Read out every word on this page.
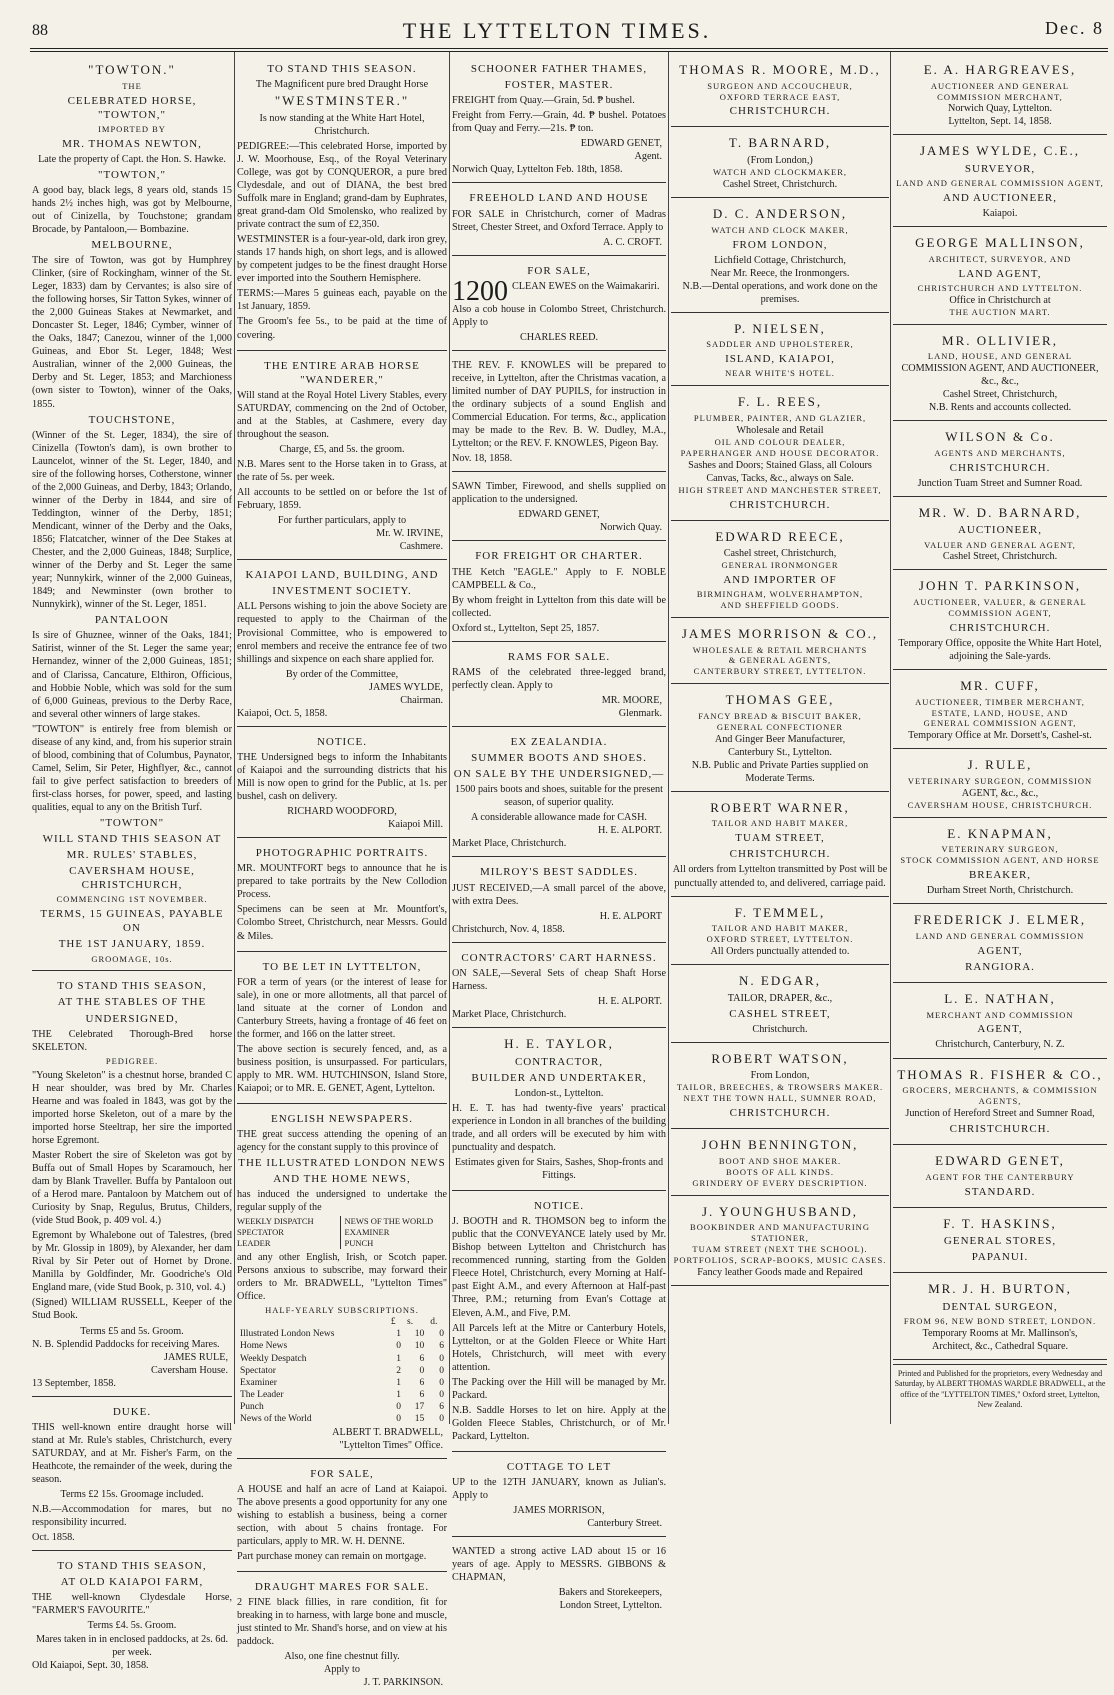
88	THE LYTTELTON TIMES.	Dec. 8
"TOWTON."
THE
CELEBRATED HORSE, "TOWTON,"
IMPORTED BY
MR. THOMAS NEWTON,
Late the property of Capt. the Hon. S. Hawke.
"TOWTON,"

A good bay, black legs, 8 years old, stands 15 hands 2½ inches high, was got by Melbourne, out of Cinizella, by Touchstone; grandam Brocade, by Pantaloon,— Bombazine.

MELBOURNE,

The sire of Towton, was got by Humphrey Clinker, (sire of Rockingham, winner of the St. Leger, 1833) dam by Cervantes; is also sire of the following horses, Sir Tatton Sykes, winner of the 2,000 Guineas Stakes at Newmarket, and Doncaster St. Leger, 1846; Cymber, winner of the Oaks, 1847; Canezou, winner of the 1,000 Guineas, and Ebor St. Leger, 1848; West Australian, winner of the 2,000 Guineas, the Derby and St. Leger, 1853; and Marchioness (own sister to Towton), winner of the Oaks, 1855.

TOUCHSTONE,

(Winner of the St. Leger, 1834), the sire of Cinizella (Towton's dam), is own brother to Launcelot, winner of the St. Leger, 1840, and sire of the following horses, Cotherstone, winner of the 2,000 Guineas, and Derby, 1843; Orlando, winner of the Derby in 1844, and sire of Teddington, winner of the Derby, 1851; Mendicant, winner of the Derby and the Oaks, 1856; Flatcatcher, winner of the Dee Stakes at Chester, and the 2,000 Guineas, 1848; Surplice, winner of the Derby and St. Leger the same year; Nunnykirk, winner of the 2,000 Guineas, 1849; and Newminster (own brother to Nunnykirk), winner of the St. Leger, 1851.

PANTALOON

Is sire of Ghuznee, winner of the Oaks, 1841; Satirist, winner of the St. Leger the same year; Hernandez, winner of the 2,000 Guineas, 1851; and of Clarissa, Cancature, Elthiron, Officious, and Hobbie Noble, which was sold for the sum of 6,000 Guineas, previous to the Derby Race, and several other winners of large stakes.

"TOWTON" is entirely free from blemish or disease of any kind, and, from his superior strain of blood, combining that of Columbus, Paynator, Camel, Selim, Sir Peter, Highflyer, &c., cannot fail to give perfect satisfaction to breeders of first-class horses, for power, speed, and lasting qualities, equal to any on the British Turf.

"TOWTON"
WILL STAND THIS SEASON AT
MR. RULES' STABLES,
CAVERSHAM HOUSE, CHRISTCHURCH,
COMMENCING 1ST NOVEMBER.
TERMS, 15 GUINEAS, PAYABLE ON
THE 1ST JANUARY, 1859.
GROOMAGE, 10s.
TO STAND THIS SEASON,
AT THE STABLES OF THE
UNDERSIGNED,

THE Celebrated Thorough-Bred horse SKELETON.

PEDIGREE.

"Young Skeleton" is a chestnut horse, branded C H near shoulder, was bred by Mr. Charles Hearne and was foaled in 1843, was got by the imported horse Skeleton, out of a mare by the imported horse Steeltrap, her sire the imported horse Egremont.

Master Robert the sire of Skeleton was got by Buffa out of Small Hopes by Scaramouch, her dam by Blank Traveller. Buffa by Pantaloon out of a Herod mare. Pantaloon by Matchem out of Curiosity by Snap, Regulus, Brutus, Childers, (vide Stud Book, p. 409 vol. 4.)

Egremont by Whalebone out of Talestres, (bred by Mr. Glossip in 1809), by Alexander, her dam Rival by Sir Peter out of Hornet by Drone. Manilla by Goldfinder, Mr. Goodriche's Old England mare, (vide Stud Book, p. 310, vol. 4.)

(Signed) WILLIAM RUSSELL, Keeper of the Stud Book.

Terms £5 and 5s. Groom.
N. B. Splendid Paddocks for receiving Mares.
JAMES RULE,
Caversham House.
13 September, 1858.
DUKE.

THIS well-known entire draught horse will stand at Mr. Rule's stables, Christchurch, every SATURDAY, and at Mr. Fisher's Farm, on the Heathcote, the remainder of the week, during the season.

Terms £2 15s. Groomage included.

N.B.—Accommodation for mares, but no responsibility incurred.

Oct. 1858.
TO STAND THIS SEASON,
AT OLD KAIAPOI FARM,

THE well-known Clydesdale Horse, "FARMER'S FAVOURITE."

Terms £4. 5s. Groom.
Mares taken in in enclosed paddocks, at 2s. 6d. per week.
Old Kaiapoi, Sept. 30, 1858.
TO STAND THIS SEASON.
The Magnificent pure bred Draught Horse
"WESTMINSTER."
Is now standing at the White Hart Hotel, Christchurch.

PEDIGREE:—This celebrated Horse, imported by J. W. Moorhouse, Esq., of the Royal Veterinary College, was got by CONQUEROR, a pure bred Clydesdale, and out of DIANA, the best bred Suffolk mare in England; grand-dam by Euphrates, great grand-dam Old Smolensko, who realized by private contract the sum of £2,350.

WESTMINSTER is a four-year-old, dark iron grey, stands 17 hands high, on short legs, and is allowed by competent judges to be the finest draught Horse ever imported into the Southern Hemisphere.

TERMS:—Mares 5 guineas each, payable on the 1st January, 1859.

The Groom's fee 5s., to be paid at the time of covering.

THE ENTIRE ARAB HORSE "WANDERER,"

Will stand at the Royal Hotel Livery Stables, every SATURDAY, commencing on the 2nd of October, and at the Stables, at Cashmere, every day throughout the season.

Charge, £5, and 5s. the groom.

N.B. Mares sent to the Horse taken in to Grass, at the rate of 5s. per week.

All accounts to be settled on or before the 1st of February, 1859.

For further particulars, apply to
Mr. W. IRVINE,
Cashmere.
KAIAPOI LAND, BUILDING, AND
INVESTMENT SOCIETY.

ALL Persons wishing to join the above Society are requested to apply to the Chairman of the Provisional Committee, who is empowered to enrol members and receive the entrance fee of two shillings and sixpence on each share applied for.

By order of the Committee,
JAMES WYLDE,
Chairman.
Kaiapoi, Oct. 5, 1858.
NOTICE.

THE Undersigned begs to inform the Inhabitants of Kaiapoi and the surrounding districts that his Mill is now open to grind for the Public, at 1s. per bushel, cash on delivery.

RICHARD WOODFORD,
Kaiapoi Mill.
PHOTOGRAPHIC PORTRAITS.

MR. MOUNTFORT begs to announce that he is prepared to take portraits by the New Collodion Process.

Specimens can be seen at Mr. Mountfort's, Colombo Street, Christchurch, near Messrs. Gould & Miles.

TO BE LET IN LYTTELTON,

FOR a term of years (or the interest of lease for sale), in one or more allotments, all that parcel of land situate at the corner of London and Canterbury Streets, having a frontage of 46 feet on the former, and 166 on the latter street.

The above section is securely fenced, and, as a business position, is unsurpassed. For particulars, apply to MR. WM. HUTCHINSON, Island Store, Kaiapoi; or to MR. E. GENET, Agent, Lyttelton.

ENGLISH NEWSPAPERS.

THE great success attending the opening of an agency for the constant supply to this province of

THE ILLUSTRATED LONDON NEWS
AND THE HOME NEWS,

has induced the undersigned to undertake the regular supply of the

WEEKLY DISPATCH
SPECTATOR
LEADER
NEWS OF THE WORLD
EXAMINER
PUNCH

and any other English, Irish, or Scotch paper. Persons anxious to subscribe, may forward their orders to Mr. BRADWELL, "Lyttelton Times" Office.

HALF-YEARLY SUBSCRIPTIONS.
	£	s.	d.
Illustrated London News	1	10	0
Home News	0	10	6
Weekly Despatch	1	6	0
Spectator	2	0	0
Examiner	1	6	0
The Leader	1	6	0
Punch	0	17	6
News of the World	0	15	0
ALBERT T. BRADWELL,
"Lyttelton Times" Office.
FOR SALE,

A HOUSE and half an acre of Land at Kaiapoi. The above presents a good opportunity for any one wishing to establish a business, being a corner section, with about 5 chains frontage. For particulars, apply to MR. W. H. DENNE.

Part purchase money can remain on mortgage.

DRAUGHT MARES FOR SALE.

2 FINE black fillies, in rare condition, fit for breaking in to harness, with large bone and muscle, just stinted to Mr. Shand's horse, and on view at his paddock.

Also, one fine chestnut filly.
Apply to
J. T. PARKINSON.
SCHOONER FATHER THAMES,
FOSTER, MASTER.

FREIGHT from Quay.—Grain, 5d. ₱ bushel.

Freight from Ferry.—Grain, 4d. ₱ bushel. Potatoes from Quay and Ferry.—21s. ₱ ton.

EDWARD GENET,
Agent.
Norwich Quay, Lyttelton Feb. 18th, 1858.
FREEHOLD LAND AND HOUSE

FOR SALE in Christchurch, corner of Madras Street, Chester Street, and Oxford Terrace. Apply to

A. C. CROFT.
FOR SALE,

1200 CLEAN EWES on the Waimakariri.

Also a cob house in Colombo Street, Christchurch. Apply to

CHARLES REED.

THE REV. F. KNOWLES will be prepared to receive, in Lyttelton, after the Christmas vacation, a limited number of DAY PUPILS, for instruction in the ordinary subjects of a sound English and Commercial Education. For terms, &c., application may be made to the Rev. B. W. Dudley, M.A., Lyttelton; or the REV. F. KNOWLES, Pigeon Bay.

Nov. 18, 1858.

SAWN Timber, Firewood, and shells supplied on application to the undersigned.

EDWARD GENET,
Norwich Quay.
FOR FREIGHT OR CHARTER.

THE Ketch "EAGLE." Apply to F. NOBLE CAMPBELL & Co.,

By whom freight in Lyttelton from this date will be collected.

Oxford st., Lyttelton, Sept 25, 1857.
RAMS FOR SALE.

RAMS of the celebrated three-legged brand, perfectly clean. Apply to

MR. MOORE,
Glenmark.
EX ZEALANDIA.
SUMMER BOOTS AND SHOES.

ON SALE BY THE UNDERSIGNED,—

1500 pairs boots and shoes, suitable for the present season, of superior quality.

A considerable allowance made for CASH.
H. E. ALPORT.
Market Place, Christchurch.
MILROY'S BEST SADDLES.

JUST RECEIVED,—A small parcel of the above, with extra Dees.

H. E. ALPORT
Christchurch, Nov. 4, 1858.
CONTRACTORS' CART HARNESS.

ON SALE,—Several Sets of cheap Shaft Horse Harness.

H. E. ALPORT.
Market Place, Christchurch.
H. E. TAYLOR,
CONTRACTOR,
BUILDER AND UNDERTAKER,
London-st., Lyttelton.

H. E. T. has had twenty-five years' practical experience in London in all branches of the building trade, and all orders will be executed by him with punctuality and despatch.

Estimates given for Stairs, Sashes, Shop-fronts and Fittings.

NOTICE.

J. BOOTH and R. THOMSON beg to inform the public that the CONVEYANCE lately used by Mr. Bishop between Lyttelton and Christchurch has recommenced running, starting from the Golden Fleece Hotel, Christchurch, every Morning at Half-past Eight A.M., and every Afternoon at Half-past Three, P.M.; returning from Evan's Cottage at Eleven, A.M., and Five, P.M.

All Parcels left at the Mitre or Canterbury Hotels, Lyttelton, or at the Golden Fleece or White Hart Hotels, Christchurch, will meet with every attention.

The Packing over the Hill will be managed by Mr. Packard.

N.B. Saddle Horses to let on hire. Apply at the Golden Fleece Stables, Christchurch, or of Mr. Packard, Lyttelton.

COTTAGE TO LET

UP to the 12TH JANUARY, known as Julian's. Apply to

JAMES MORRISON,
Canterbury Street.

WANTED a strong active LAD about 15 or 16 years of age. Apply to MESSRS. GIBBONS & CHAPMAN,

Bakers and Storekeepers,
London Street, Lyttelton.
THOMAS R. MOORE, M.D.,
SURGEON AND ACCOUCHEUR,
OXFORD TERRACE EAST,
CHRISTCHURCH.
T. BARNARD,
(From London,)
WATCH AND CLOCKMAKER,
Cashel Street, Christchurch.
D. C. ANDERSON,
WATCH AND CLOCK MAKER,
FROM LONDON,
Lichfield Cottage, Christchurch,
Near Mr. Reece, the Ironmongers.
N.B.—Dental operations, and work done on the premises.
P. NIELSEN,
SADDLER AND UPHOLSTERER,
ISLAND, KAIAPOI,
NEAR WHITE'S HOTEL.
F. L. REES,
PLUMBER, PAINTER, AND GLAZIER,
Wholesale and Retail
OIL AND COLOUR DEALER,
PAPERHANGER AND HOUSE DECORATOR.
Sashes and Doors; Stained Glass, all Colours Canvas, Tacks, &c., always on Sale.
HIGH STREET AND MANCHESTER STREET,
CHRISTCHURCH.
EDWARD REECE,
Cashel street, Christchurch,
GENERAL IRONMONGER
AND IMPORTER OF
BIRMINGHAM, WOLVERHAMPTON,
AND SHEFFIELD GOODS.
JAMES MORRISON & CO.,
WHOLESALE & RETAIL MERCHANTS
& GENERAL AGENTS,
CANTERBURY STREET, LYTTELTON.
THOMAS GEE,
FANCY BREAD & BISCUIT BAKER,
GENERAL CONFECTIONER
And Ginger Beer Manufacturer,
Canterbury St., Lyttelton.
N.B. Public and Private Parties supplied on Moderate Terms.
ROBERT WARNER,
TAILOR AND HABIT MAKER,
TUAM STREET,
CHRISTCHURCH.
All orders from Lyttelton transmitted by Post will be punctually attended to, and delivered, carriage paid.
F. TEMMEL,
TAILOR AND HABIT MAKER,
OXFORD STREET, LYTTELTON.
All Orders punctually attended to.
N. EDGAR,
TAILOR, DRAPER, &c.,
CASHEL STREET,
Christchurch.
ROBERT WATSON,
From London,
TAILOR, BREECHES, & TROWSERS MAKER.
NEXT THE TOWN HALL, SUMNER ROAD,
CHRISTCHURCH.
JOHN BENNINGTON,
BOOT AND SHOE MAKER.
BOOTS OF ALL KINDS.
GRINDERY OF EVERY DESCRIPTION.
J. YOUNGHUSBAND,
BOOKBINDER AND MANUFACTURING STATIONER,
TUAM STREET (NEXT THE SCHOOL).
PORTFOLIOS, SCRAP-BOOKS, MUSIC CASES.
Fancy leather Goods made and Repaired
E. A. HARGREAVES,
AUCTIONEER AND GENERAL
COMMISSION MERCHANT,
Norwich Quay, Lyttelton.
Lyttelton, Sept. 14, 1858.
JAMES WYLDE, C.E.,
SURVEYOR,
LAND AND GENERAL COMMISSION AGENT,
AND AUCTIONEER,
Kaiapoi.
GEORGE MALLINSON,
ARCHITECT, SURVEYOR, AND
LAND AGENT,
CHRISTCHURCH AND LYTTELTON.
Office in Christchurch at
THE AUCTION MART.
MR. OLLIVIER,
LAND, HOUSE, AND GENERAL
COMMISSION AGENT, AND AUCTIONEER, &c., &c.,
Cashel Street, Christchurch,
N.B. Rents and accounts collected.
WILSON & Co.
AGENTS AND MERCHANTS,
CHRISTCHURCH.
Junction Tuam Street and Sumner Road.
MR. W. D. BARNARD,
AUCTIONEER,
VALUER AND GENERAL AGENT,
Cashel Street, Christchurch.
JOHN T. PARKINSON,
AUCTIONEER, VALUER, & GENERAL
COMMISSION AGENT,
CHRISTCHURCH.
Temporary Office, opposite the White Hart Hotel, adjoining the Sale-yards.
MR. CUFF,
AUCTIONEER, TIMBER MERCHANT,
ESTATE, LAND, HOUSE, AND
GENERAL COMMISSION AGENT,
Temporary Office at Mr. Dorsett's, Cashel-st.
J. RULE,
VETERINARY SURGEON, COMMISSION
AGENT, &c., &c.,
CAVERSHAM HOUSE, CHRISTCHURCH.
E. KNAPMAN,
VETERINARY SURGEON,
STOCK COMMISSION AGENT, AND HORSE
BREAKER,
Durham Street North, Christchurch.
FREDERICK J. ELMER,
LAND AND GENERAL COMMISSION
AGENT,
RANGIORA.
L. E. NATHAN,
MERCHANT AND COMMISSION
AGENT,
Christchurch, Canterbury, N. Z.
THOMAS R. FISHER & CO.,
GROCERS, MERCHANTS, & COMMISSION AGENTS,
Junction of Hereford Street and Sumner Road,
CHRISTCHURCH.
EDWARD GENET,
AGENT FOR THE CANTERBURY
STANDARD.
F. T. HASKINS,
GENERAL STORES,
PAPANUI.
MR. J. H. BURTON,
DENTAL SURGEON,
FROM 96, NEW BOND STREET, LONDON.
Temporary Rooms at Mr. Mallinson's,
Architect, &c., Cathedral Square.
Printed and Published for the proprietors, every Wednesday and Saturday, by ALBERT THOMAS WARDLE BRADWELL, at the office of the "LYTTELTON TIMES," Oxford street, Lyttelton, New Zealand.
